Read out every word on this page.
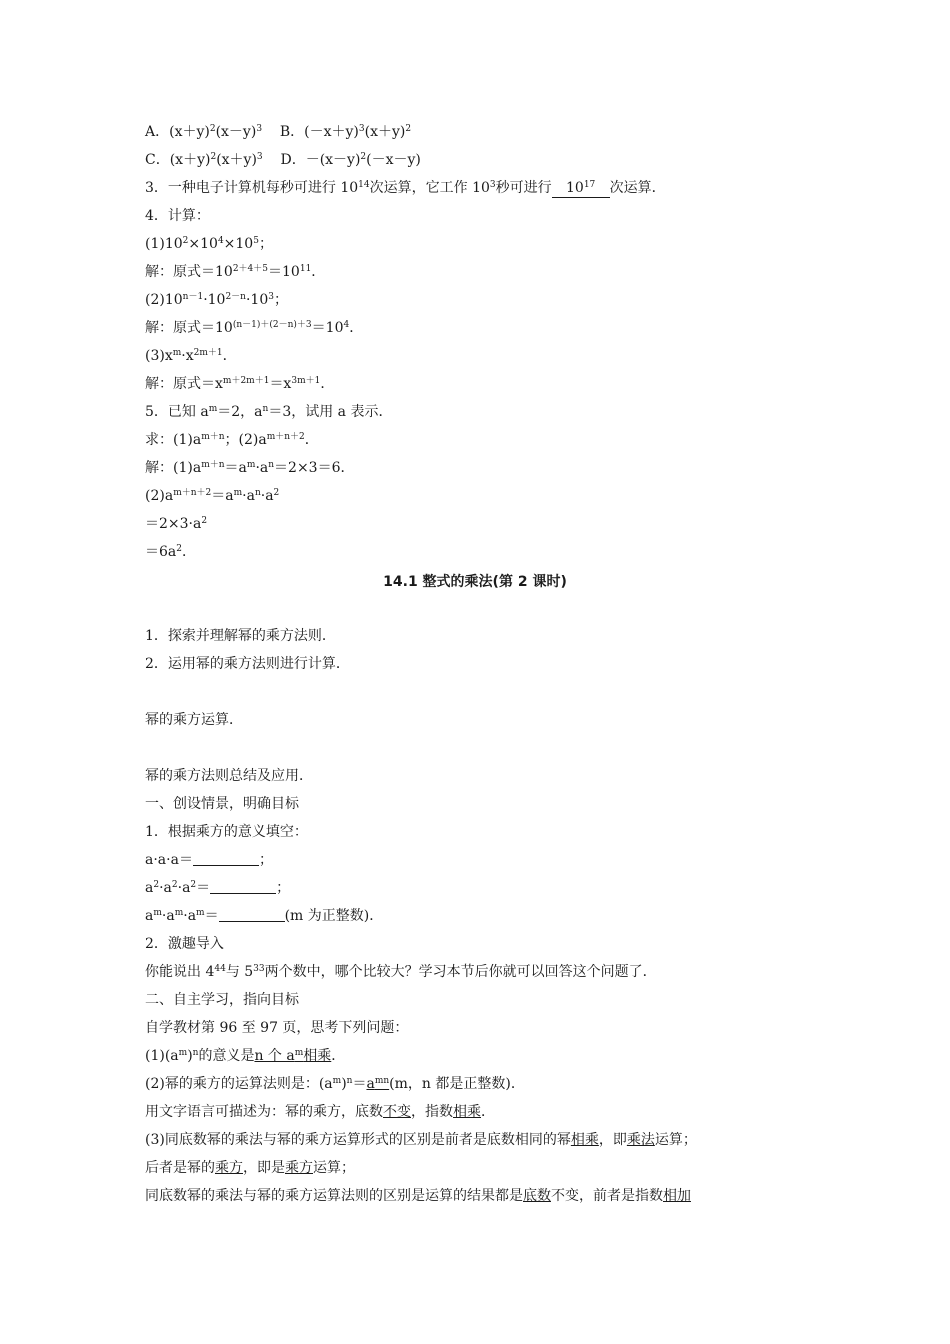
A．$(x+y)^2(x-y)^3$ B．$(-x+y)^3(x+y)^2$
C．$(x+y)^2(x+y)^3$ D．$-(x-y)^2(-x-y)$
3．一种电子计算机每秒可进行 $10^{14}$次运算，它工作 $10^3$秒可进行 $10^{17}$ 次运算．
4．计算：
$(1)10^2\times 10^4\times 10^5$；
解：原式$=10^{2+4+5}=10^{11}$．
$(2)10^{n-1}\cdot 10^{2-n}\cdot 10^3$；
解：原式$=10^{(n-1)+(2-n)+3}=10^4$．
$(3)x^m\cdot x^{2m+1}$．
解：原式$=x^{m+2m+1}=x^{3m+1}$．
5．已知 $a^m=2$，$a^n=3$，试用 a 表示．
求：$(1)a^{m+n}$；$(2)a^{m+n+2}$．
解：$(1)a^{m+n}=a^m\cdot a^n=2\times 3=6$．
$(2)a^{m+n+2}=a^m\cdot a^n\cdot a^2$
$=2\times 3\cdot a^2$
$=6a^2$．
14.1 整式的乘法(第 2 课时)
1．探索并理解幂的乘方法则．
2．运用幂的乘方法则进行计算．
幂的乘方运算．
幂的乘方法则总结及应用．
一、创设情景，明确目标
1．根据乘方的意义填空：
a·a·a＝	；
$a^2\cdot a^2\cdot a^2=$	；
$a^m\cdot a^m\cdot a^m=$	(m 为正整数)．
2．激趣导入
你能说出 $4^{44}$与 $5^{33}$两个数中，哪个比较大？学习本节后你就可以回答这个问题了．
二、自主学习，指向目标
自学教材第 96 至 97 页，思考下列问题：
$(1)(a^m)^n$的意义是n 个 $a^m$相乘．
(2)幂的乘方的运算法则是：$(a^m)^n=a^{mn}(m$，n 都是正整数)．
用文字语言可描述为：幂的乘方，底数不变，指数相乘．
(3)同底数幂的乘法与幂的乘方运算形式的区别是前者是底数相同的幂相乘，即乘法运算；
后者是幂的乘方，即是乘方运算；
同底数幂的乘法与幂的乘方运算法则的区别是运算的结果都是底数不变，前者是指数相加
